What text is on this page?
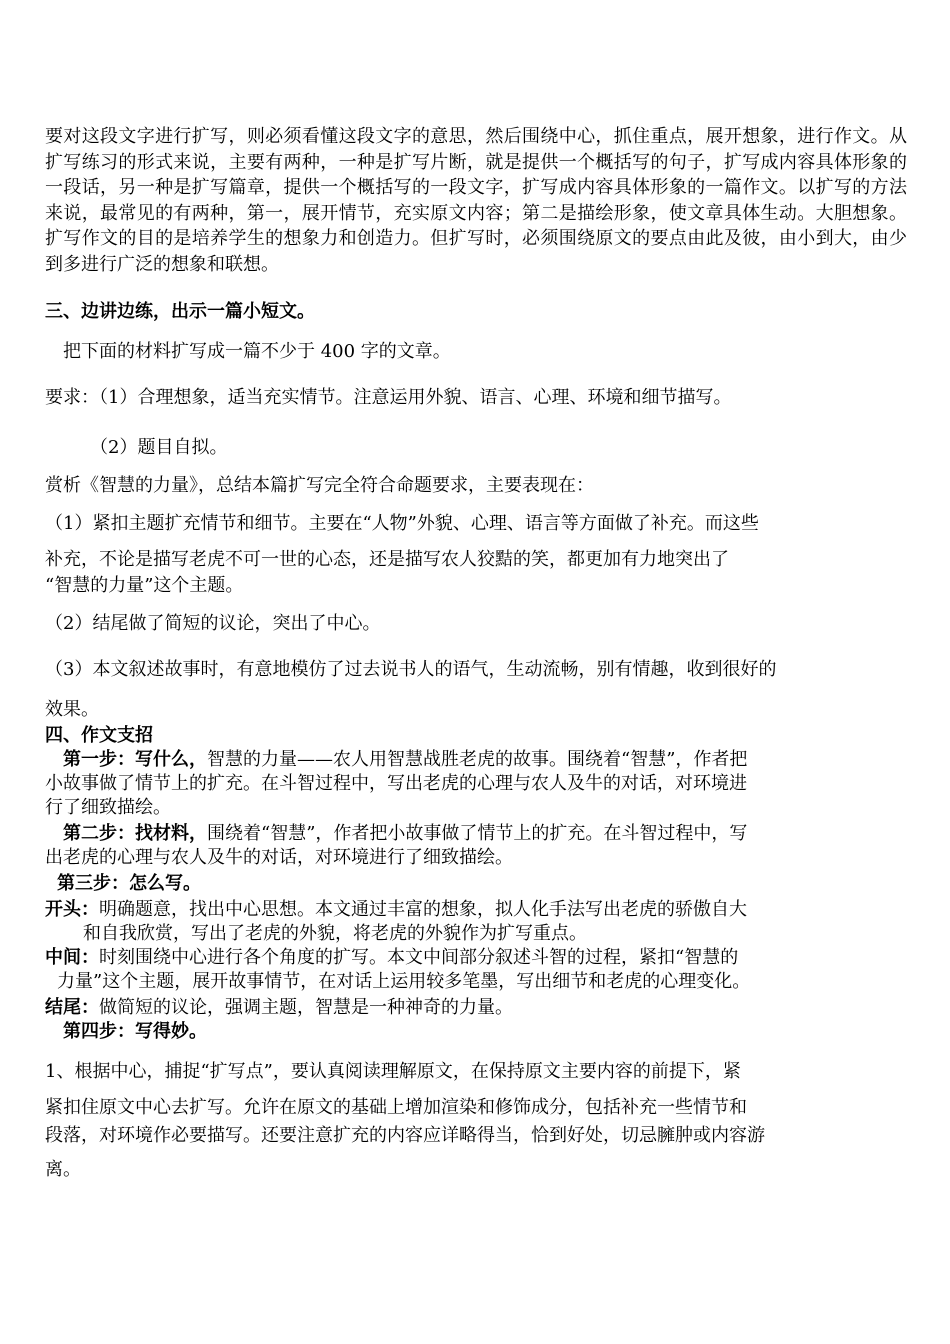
要对这段文字进行扩写，则必须看懂这段文字的意思，然后围绕中心，抓住重点，展开想象，进行作文。从扩写练习的形式来说，主要有两种，一种是扩写片断，就是提供一个概括写的句子，扩写成内容具体形象的一段话，另一种是扩写篇章，提供一个概括写的一段文字，扩写成内容具体形象的一篇作文。以扩写的方法来说，最常见的有两种，第一，展开情节，充实原文内容；第二是描绘形象，使文章具体生动。大胆想象。扩写作文的目的是培养学生的想象力和创造力。但扩写时，必须围绕原文的要点由此及彼，由小到大，由少到多进行广泛的想象和联想。

三、边讲边练，出示一篇小短文。
把下面的材料扩写成一篇不少于 400 字的文章。
要求：（1）合理想象，适当充实情节。注意运用外貌、语言、心理、环境和细节描写。
（2）题目自拟。
赏析《智慧的力量》，总结本篇扩写完全符合命题要求，主要表现在：
（1）紧扣主题扩充情节和细节。主要在“人物”外貌、心理、语言等方面做了补充。而这些
补充，不论是描写老虎不可一世的心态，还是描写农人狡黠的笑，都更加有力地突出了
“智慧的力量”这个主题。
（2）结尾做了简短的议论，突出了中心。
（3）本文叙述故事时，有意地模仿了过去说书人的语气，生动流畅，别有情趣，收到很好的
效果。
四、作文支招
第一步：写什么，智慧的力量——农人用智慧战胜老虎的故事。围绕着“智慧”，作者把
小故事做了情节上的扩充。在斗智过程中，写出老虎的心理与农人及牛的对话，对环境进
行了细致描绘。
第二步：找材料，围绕着“智慧”，作者把小故事做了情节上的扩充。在斗智过程中，写
出老虎的心理与农人及牛的对话，对环境进行了细致描绘。
第三步：怎么写。
开头：明确题意，找出中心思想。本文通过丰富的想象，拟人化手法写出老虎的骄傲自大
和自我欣赏，写出了老虎的外貌，将老虎的外貌作为扩写重点。
中间：时刻围绕中心进行各个角度的扩写。本文中间部分叙述斗智的过程，紧扣“智慧的
力量”这个主题，展开故事情节，在对话上运用较多笔墨，写出细节和老虎的心理变化。
结尾：做简短的议论，强调主题，智慧是一种神奇的力量。
第四步：写得妙。
1、根据中心，捕捉“扩写点”，要认真阅读理解原文，在保持原文主要内容的前提下，紧
紧扣住原文中心去扩写。允许在原文的基础上增加渲染和修饰成分，包括补充一些情节和
段落，对环境作必要描写。还要注意扩充的内容应详略得当，恰到好处，切忌臃肿或内容游
离。
